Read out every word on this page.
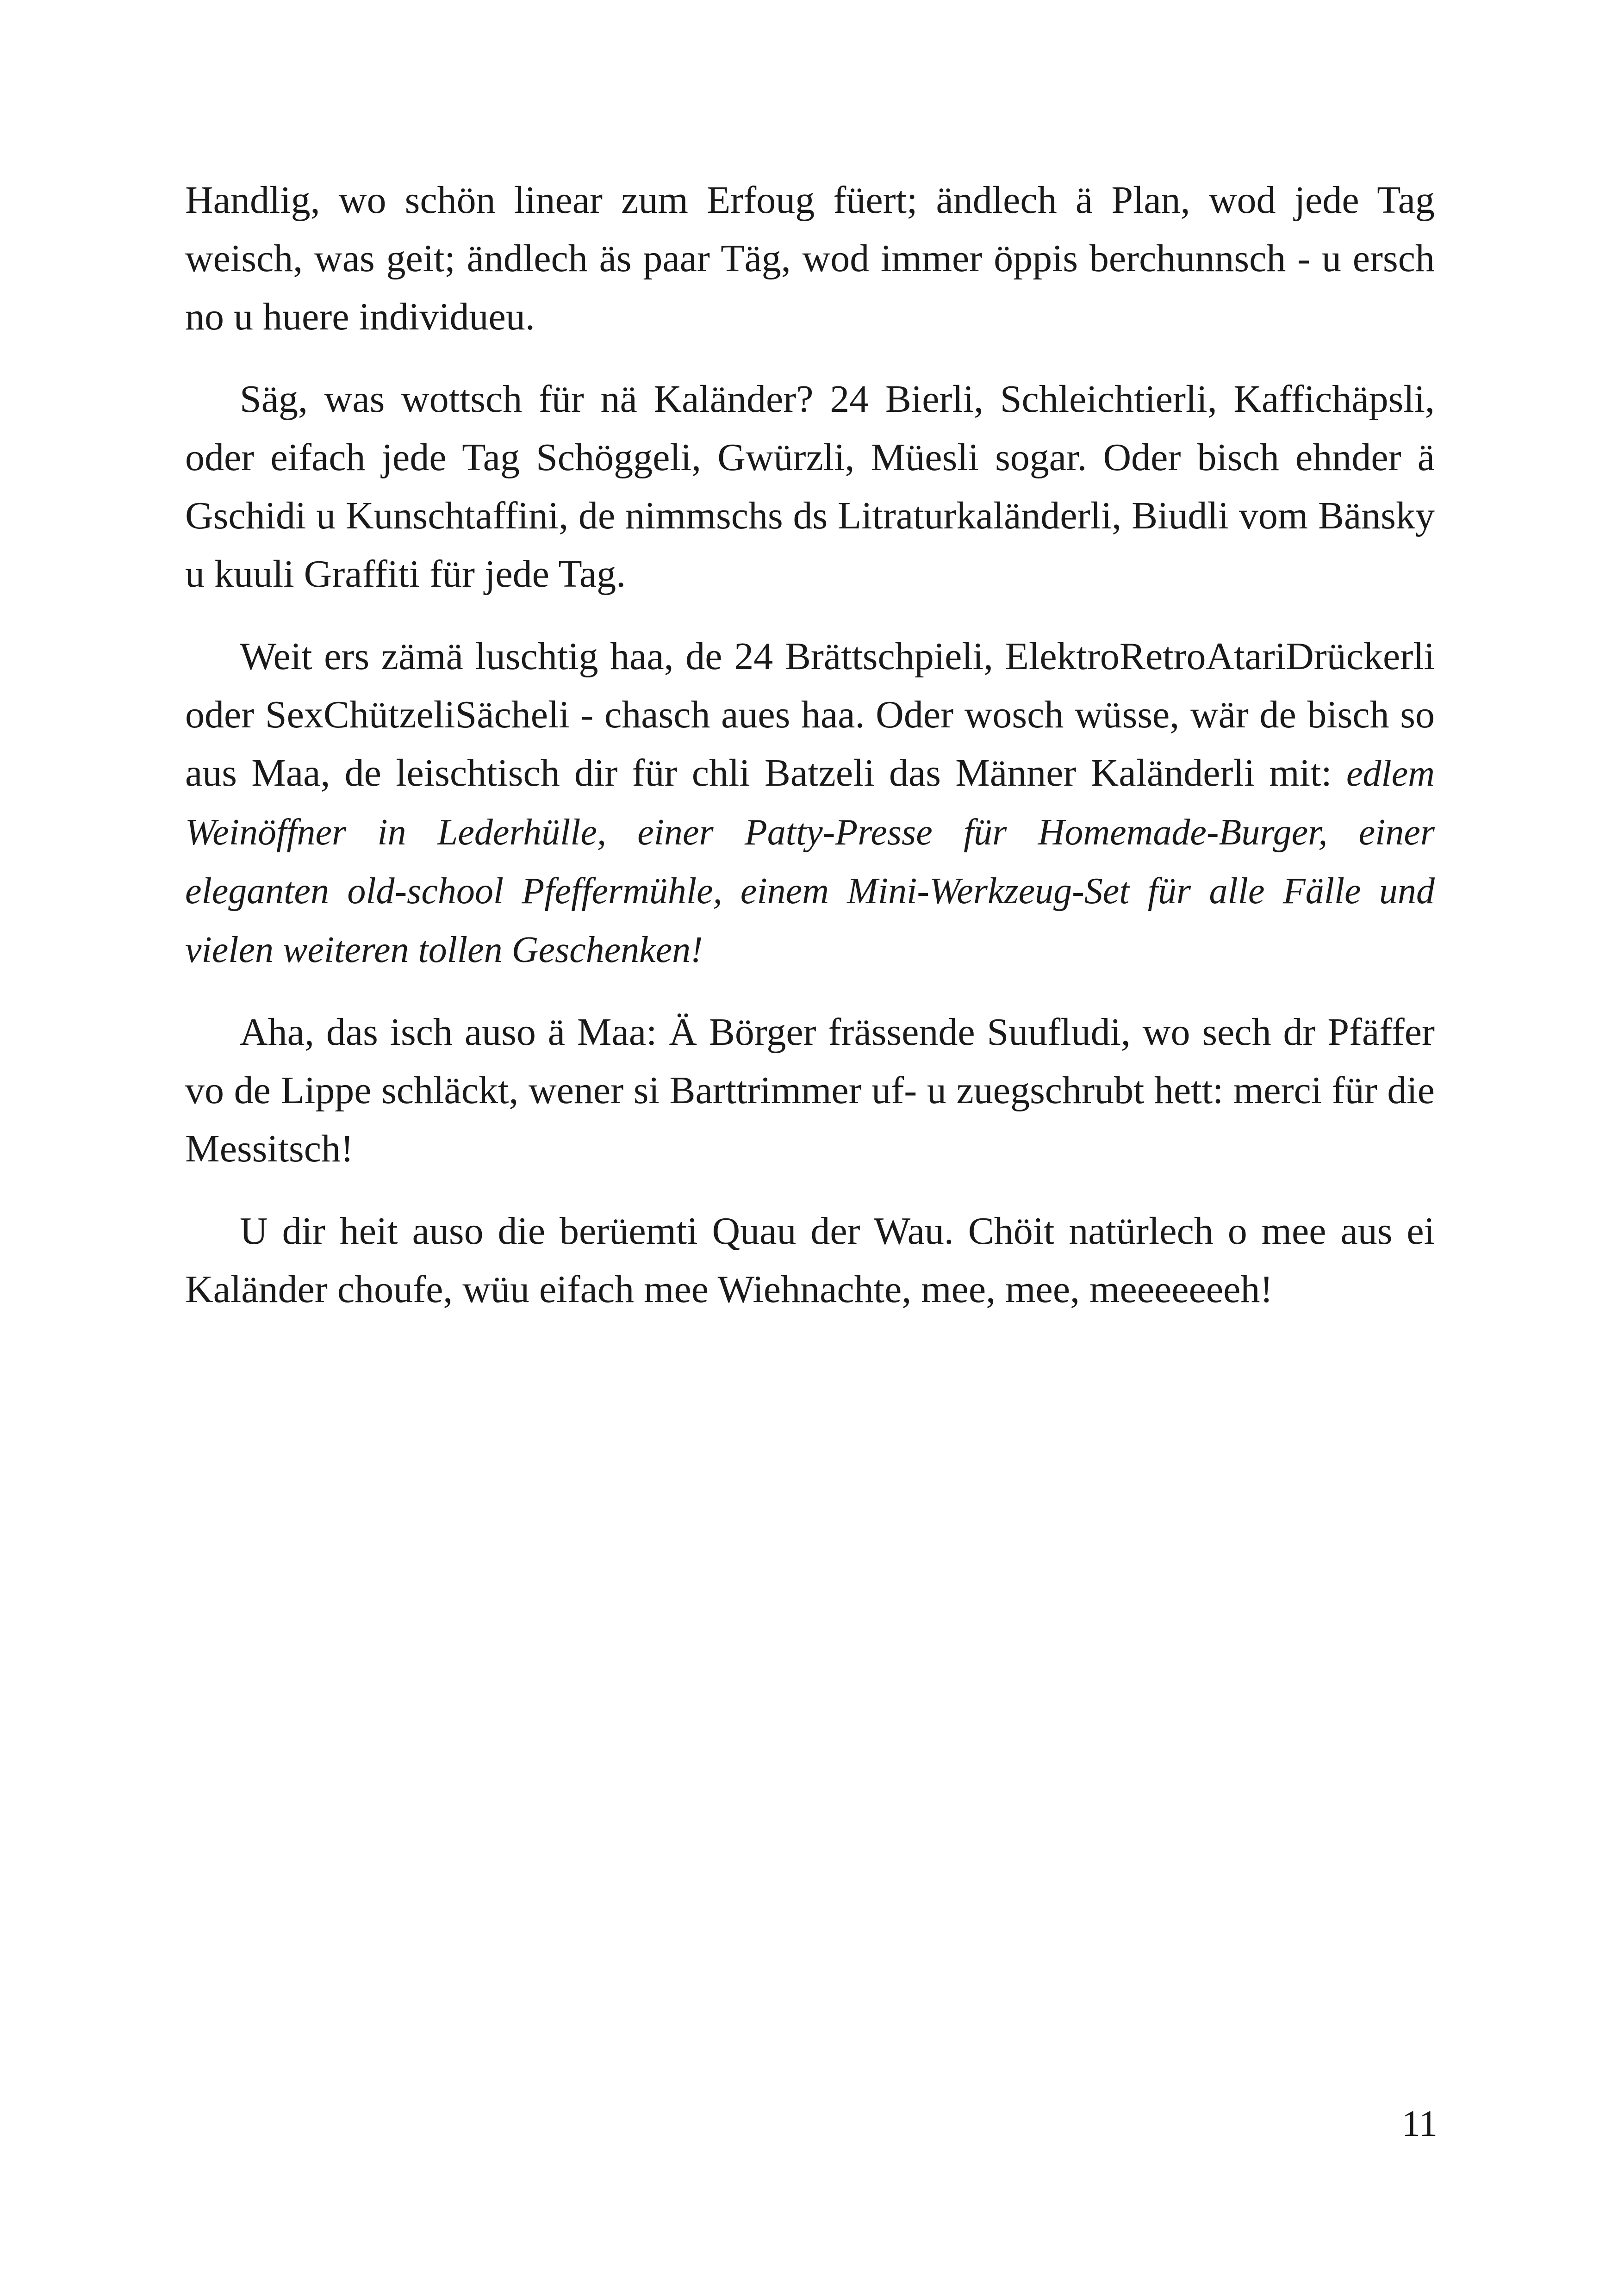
Handlig, wo schön linear zum Erfoug füert; ändlech ä Plan, wod jede Tag weisch, was geit; ändlech äs paar Täg, wod immer öppis berchunnsch - u ersch no u huere individueu.

Säg, was wottsch für nä Kaländer? 24 Bierli, Schleichtierli, Kaffichäpsli, oder eifach jede Tag Schöggeli, Gwürzli, Müesli sogar. Oder bisch ehnder ä Gschidi u Kunschtaffini, de nimmschs ds Litraturkaländerli, Biudli vom Bänsky u kuuli Graffiti für jede Tag.

Weit ers zämä luschtig haa, de 24 Brättschpieli, ElektroRetroAtariDrückerli oder SexChützeliSächeli - chasch aues haa. Oder wosch wüsse, wär de bisch so aus Maa, de leischtisch dir für chli Batzeli das Männer Kaländerli mit: edlem Weinöffner in Lederhülle, einer Patty-Presse für Homemade-Burger, einer eleganten old-school Pfeffermühle, einem Mini-Werkzeug-Set für alle Fälle und vielen weiteren tollen Geschenken!

Aha, das isch auso ä Maa: Ä Börger frässende Suufludi, wo sech dr Pfäffer vo de Lippe schläckt, wener si Barttrimmer uf- u zuegschrubt hett: merci für die Messitsch!

U dir heit auso die berüemti Quau der Wau. Chöit natürlech o mee aus ei Kaländer choufe, wüu eifach mee Wiehnachte, mee, mee, meeeeeeeh!

11
